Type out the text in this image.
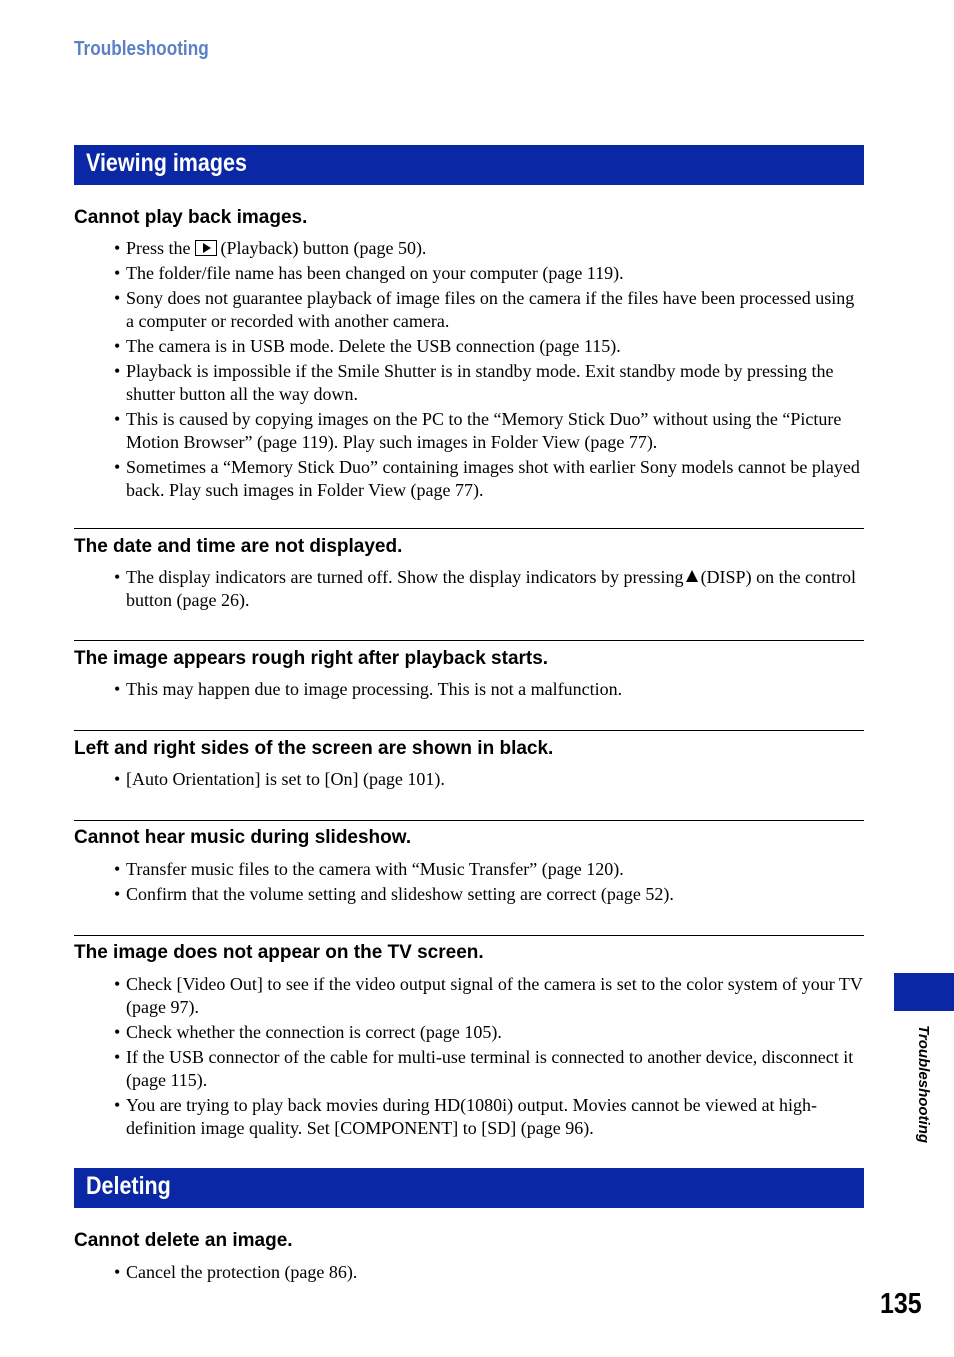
Troubleshooting
Viewing images
Cannot play back images.
• Press the (Playback) button (page 50).
• The folder/file name has been changed on your computer (page 119).
• Sony does not guarantee playback of image files on the camera if the files have been processed using a computer or recorded with another camera.
• The camera is in USB mode. Delete the USB connection (page 115).
• Playback is impossible if the Smile Shutter is in standby mode. Exit standby mode by pressing the shutter button all the way down.
• This is caused by copying images on the PC to the “Memory Stick Duo” without using the “Picture Motion Browser” (page 119). Play such images in Folder View (page 77).
• Sometimes a “Memory Stick Duo” containing images shot with earlier Sony models cannot be played back. Play such images in Folder View (page 77).
The date and time are not displayed.
• The display indicators are turned off. Show the display indicators by pressing (DISP) on the control button (page 26).
The image appears rough right after playback starts.
• This may happen due to image processing. This is not a malfunction.
Left and right sides of the screen are shown in black.
• [Auto Orientation] is set to [On] (page 101).
Cannot hear music during slideshow.
• Transfer music files to the camera with “Music Transfer” (page 120).
• Confirm that the volume setting and slideshow setting are correct (page 52).
The image does not appear on the TV screen.
• Check [Video Out] to see if the video output signal of the camera is set to the color system of your TV (page 97).
• Check whether the connection is correct (page 105).
• If the USB connector of the cable for multi-use terminal is connected to another device, disconnect it (page 115).
• You are trying to play back movies during HD(1080i) output. Movies cannot be viewed at high-definition image quality. Set [COMPONENT] to [SD] (page 96).
Deleting
Cannot delete an image.
• Cancel the protection (page 86).
Troubleshooting
135
